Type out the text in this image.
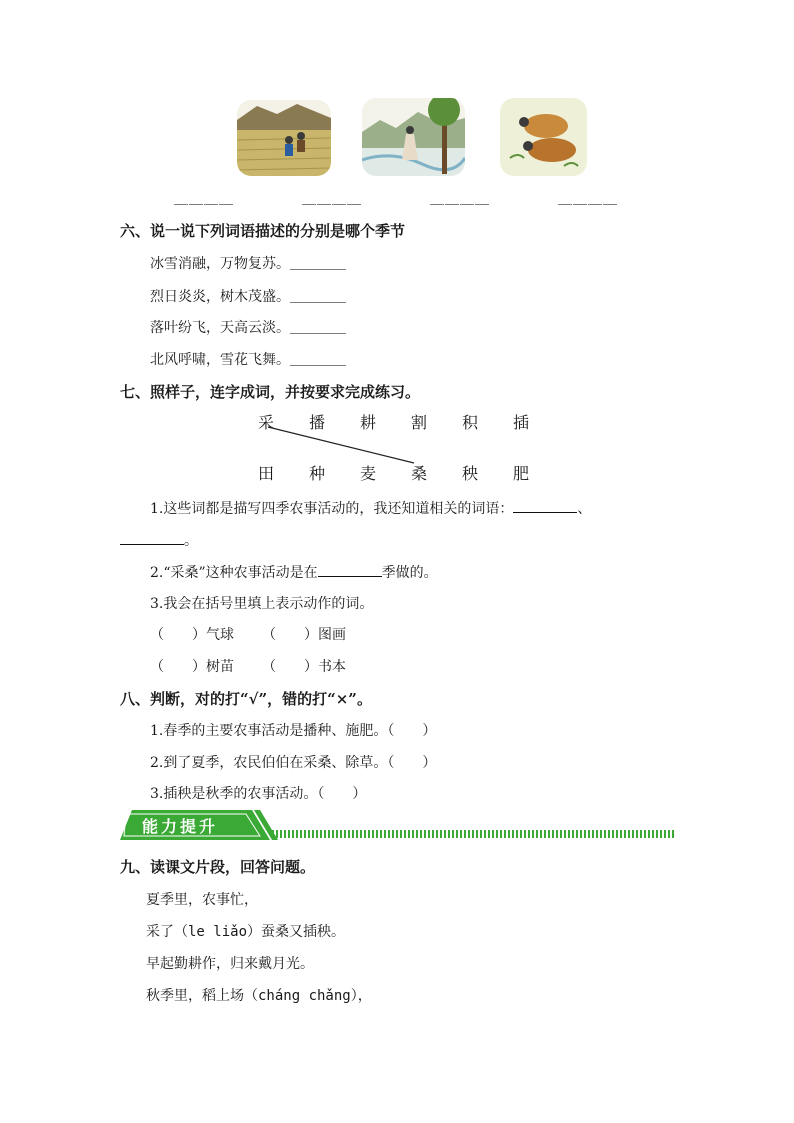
＿＿＿＿	＿＿＿＿	＿＿＿＿	＿＿＿＿
六、说一说下列词语描述的分别是哪个季节
冰雪消融，万物复苏。＿＿＿＿
烈日炎炎，树木茂盛。＿＿＿＿
落叶纷飞，天高云淡。＿＿＿＿
北风呼啸，雪花飞舞。＿＿＿＿
七、照样子，连字成词，并按要求完成练习。
采 播 耕 割 积 插
田 种 麦 桑 秧 肥
1.这些词都是描写四季农事活动的，我还知道相关的词语：	、
。
2.“采桑”这种农事活动是在	季做的。
3.我会在括号里填上表示动作的词。
（　　）气球 （　　）图画
（　　）树苗 （　　）书本
八、判断，对的打“√”，错的打“×”。
1.春季的主要农事活动是播种、施肥。（　　）
2.到了夏季，农民伯伯在采桑、除草。（　　）
3.插秧是秋季的农事活动。（　　）
能力提升
九、读课文片段，回答问题。
夏季里，农事忙，
采了（le liǎo）蚕桑又插秧。
早起勤耕作，归来戴月光。
秋季里，稻上场（cháng chǎng），
